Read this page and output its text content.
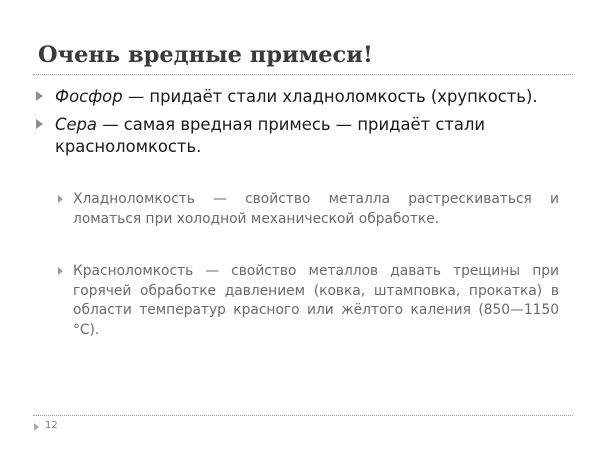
Очень вредные примеси!
Фосфор — придаёт стали хладноломкость (хрупкость).
Сера — самая вредная примесь — придаёт стали красноломкость.
Хладноломкость — свойство металла растрескиваться и ломаться при холодной механической обработке.
Красноломкость — свойство металлов давать трещины при горячей обработке давлением (ковка, штамповка, прокатка) в области температур красного или жёлтого каления (850—1150 °С).
12
